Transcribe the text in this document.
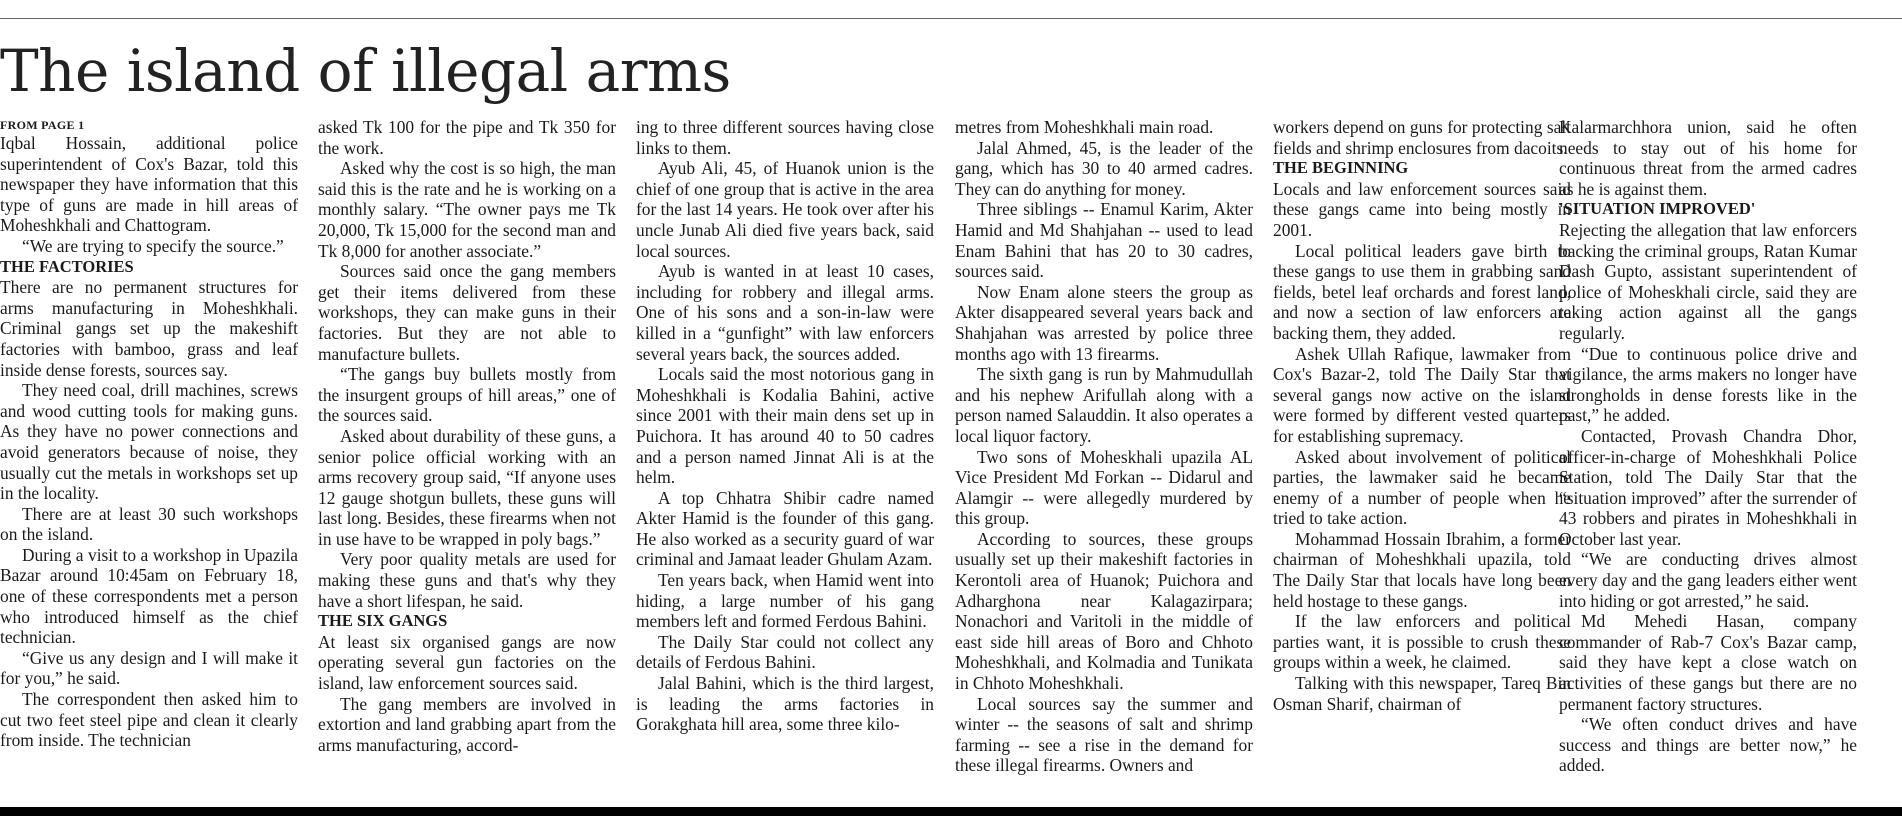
The island of illegal arms
FROM PAGE 1

Iqbal Hossain, additional police superintendent of Cox's Bazar, told this newspaper they have information that this type of guns are made in hill areas of Moheshkhali and Chattogram.

“We are trying to specify the source.”

THE FACTORIES

There are no permanent structures for arms manufacturing in Moheshkhali. Criminal gangs set up the makeshift factories with bamboo, grass and leaf inside dense forests, sources say.

They need coal, drill machines, screws and wood cutting tools for making guns. As they have no power connections and avoid generators because of noise, they usually cut the metals in workshops set up in the locality.

There are at least 30 such workshops on the island.

During a visit to a workshop in Upazila Bazar around 10:45am on February 18, one of these correspondents met a person who introduced himself as the chief technician.

“Give us any design and I will make it for you,” he said.

The correspondent then asked him to cut two feet steel pipe and clean it clearly from inside. The technician

asked Tk 100 for the pipe and Tk 350 for the work.

Asked why the cost is so high, the man said this is the rate and he is working on a monthly salary. “The owner pays me Tk 20,000, Tk 15,000 for the second man and Tk 8,000 for another associate.”

Sources said once the gang members get their items delivered from these workshops, they can make guns in their factories. But they are not able to manufacture bullets.

“The gangs buy bullets mostly from the insurgent groups of hill areas,” one of the sources said.

Asked about durability of these guns, a senior police official working with an arms recovery group said, “If anyone uses 12 gauge shotgun bullets, these guns will last long. Besides, these firearms when not in use have to be wrapped in poly bags.”

Very poor quality metals are used for making these guns and that's why they have a short lifespan, he said.

THE SIX GANGS

At least six organised gangs are now operating several gun factories on the island, law enforcement sources said.

The gang members are involved in extortion and land grabbing apart from the arms manufacturing, accord-

ing to three different sources having close links to them.

Ayub Ali, 45, of Huanok union is the chief of one group that is active in the area for the last 14 years. He took over after his uncle Junab Ali died five years back, said local sources.

Ayub is wanted in at least 10 cases, including for robbery and illegal arms. One of his sons and a son-in-law were killed in a “gunfight” with law enforcers several years back, the sources added.

Locals said the most notorious gang in Moheshkhali is Kodalia Bahini, active since 2001 with their main dens set up in Puichora. It has around 40 to 50 cadres and a person named Jinnat Ali is at the helm.

A top Chhatra Shibir cadre named Akter Hamid is the founder of this gang. He also worked as a security guard of war criminal and Jamaat leader Ghulam Azam.

Ten years back, when Hamid went into hiding, a large number of his gang members left and formed Ferdous Bahini.

The Daily Star could not collect any details of Ferdous Bahini.

Jalal Bahini, which is the third largest, is leading the arms factories in Gorakghata hill area, some three kilo-

metres from Moheshkhali main road.

Jalal Ahmed, 45, is the leader of the gang, which has 30 to 40 armed cadres. They can do anything for money.

Three siblings -- Enamul Karim, Akter Hamid and Md Shahjahan -- used to lead Enam Bahini that has 20 to 30 cadres, sources said.

Now Enam alone steers the group as Akter disappeared several years back and Shahjahan was arrested by police three months ago with 13 firearms.

The sixth gang is run by Mahmudullah and his nephew Arifullah along with a person named Salauddin. It also operates a local liquor factory.

Two sons of Moheskhali upazila AL Vice President Md Forkan -- Didarul and Alamgir -- were allegedly murdered by this group.

According to sources, these groups usually set up their makeshift factories in Kerontoli area of Huanok; Puichora and Adharghona near Kalagazirpara; Nonachori and Varitoli in the middle of east side hill areas of Boro and Chhoto Moheshkhali, and Kolmadia and Tunikata in Chhoto Moheshkhali.

Local sources say the summer and winter -- the seasons of salt and shrimp farming -- see a rise in the demand for these illegal firearms. Owners and

workers depend on guns for protecting salt fields and shrimp enclosures from dacoits.

THE BEGINNING

Locals and law enforcement sources said these gangs came into being mostly in 2001.

Local political leaders gave birth to these gangs to use them in grabbing sand fields, betel leaf orchards and forest land, and now a section of law enforcers are backing them, they added.

Ashek Ullah Rafique, lawmaker from Cox's Bazar-2, told The Daily Star that several gangs now active on the island were formed by different vested quarters for establishing supremacy.

Asked about involvement of political parties, the lawmaker said he became enemy of a number of people when he tried to take action.

Mohammad Hossain Ibrahim, a former chairman of Moheshkhali upazila, told The Daily Star that locals have long been held hostage to these gangs.

If the law enforcers and political parties want, it is possible to crush these groups within a week, he claimed.

Talking with this newspaper, Tareq Bin Osman Sharif, chairman of

Kalarmarchhora union, said he often needs to stay out of his home for continuous threat from the armed cadres as he is against them.

'SITUATION IMPROVED'

Rejecting the allegation that law enforcers backing the criminal groups, Ratan Kumar Dash Gupto, assistant superintendent of police of Moheskhali circle, said they are taking action against all the gangs regularly.

“Due to continuous police drive and vigilance, the arms makers no longer have strongholds in dense forests like in the past,” he added.

Contacted, Provash Chandra Dhor, officer-in-charge of Moheshkhali Police Station, told The Daily Star that the “situation improved” after the surrender of 43 robbers and pirates in Moheshkhali in October last year.

“We are conducting drives almost every day and the gang leaders either went into hiding or got arrested,” he said.

Md Mehedi Hasan, company commander of Rab-7 Cox's Bazar camp, said they have kept a close watch on activities of these gangs but there are no permanent factory structures.

“We often conduct drives and have success and things are better now,” he added.
